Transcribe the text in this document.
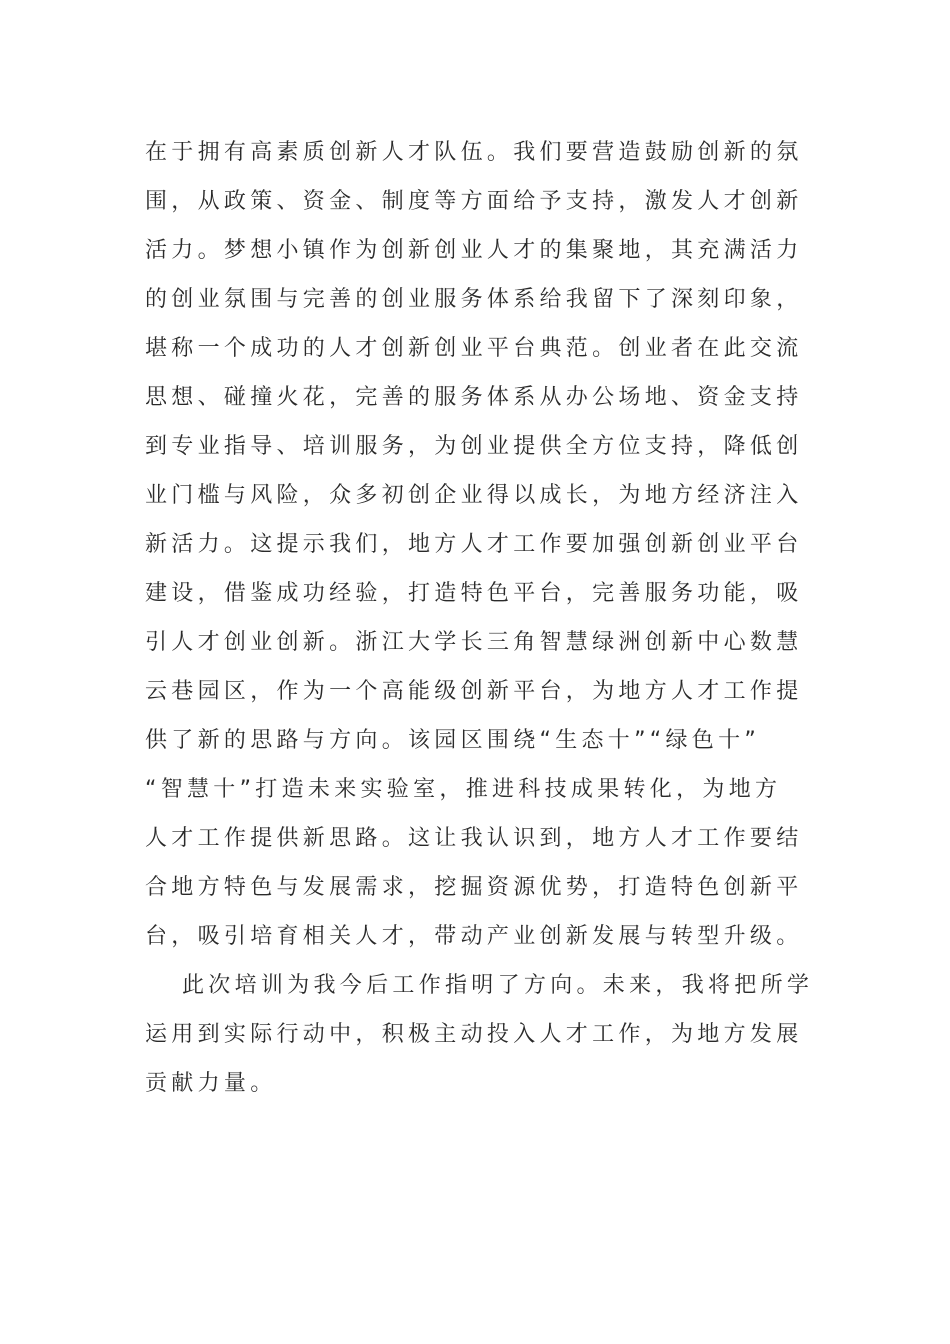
在于拥有高素质创新人才队伍。我们要营造鼓励创新的氛
围，从政策、资金、制度等方面给予支持，激发人才创新
活力。梦想小镇作为创新创业人才的集聚地，其充满活力
的创业氛围与完善的创业服务体系给我留下了深刻印象，
堪称一个成功的人才创新创业平台典范。创业者在此交流
思想、碰撞火花，完善的服务体系从办公场地、资金支持
到专业指导、培训服务，为创业提供全方位支持，降低创
业门槛与风险，众多初创企业得以成长，为地方经济注入
新活力。这提示我们，地方人才工作要加强创新创业平台
建设，借鉴成功经验，打造特色平台，完善服务功能，吸
引人才创业创新。浙江大学长三角智慧绿洲创新中心数慧
云巷园区，作为一个高能级创新平台，为地方人才工作提
供了新的思路与方向。该园区围绕“生态十”“绿色十”
“智慧十”打造未来实验室，推进科技成果转化，为地方
人才工作提供新思路。这让我认识到，地方人才工作要结
合地方特色与发展需求，挖掘资源优势，打造特色创新平
台，吸引培育相关人才，带动产业创新发展与转型升级。
此次培训为我今后工作指明了方向。未来，我将把所学
运用到实际行动中，积极主动投入人才工作，为地方发展
贡献力量。
